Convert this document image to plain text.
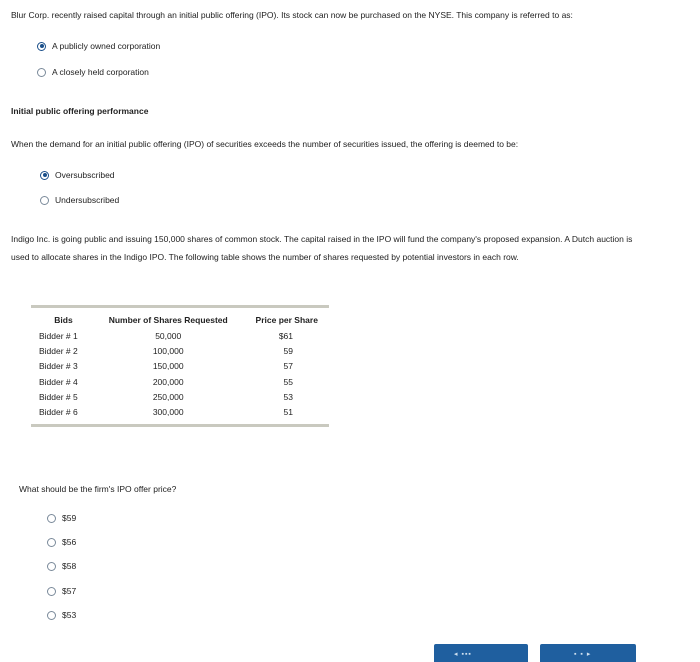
Blur Corp. recently raised capital through an initial public offering (IPO). Its stock can now be purchased on the NYSE. This company is referred to as:
A publicly owned corporation
A closely held corporation
Initial public offering performance
When the demand for an initial public offering (IPO) of securities exceeds the number of securities issued, the offering is deemed to be:
Oversubscribed
Undersubscribed
Indigo Inc. is going public and issuing 150,000 shares of common stock. The capital raised in the IPO will fund the company's proposed expansion. A Dutch auction is used to allocate shares in the Indigo IPO. The following table shows the number of shares requested by potential investors in each row.
Bids	Number of Shares Requested	Price per Share
Bidder # 1	50,000	$61
Bidder # 2	100,000	59
Bidder # 3	150,000	57
Bidder # 4	200,000	55
Bidder # 5	250,000	53
Bidder # 6	300,000	51
What should be the firm's IPO offer price?
$59
$56
$58
$57
$53
◂ ▪▪▪	▪ ▪ ▸
